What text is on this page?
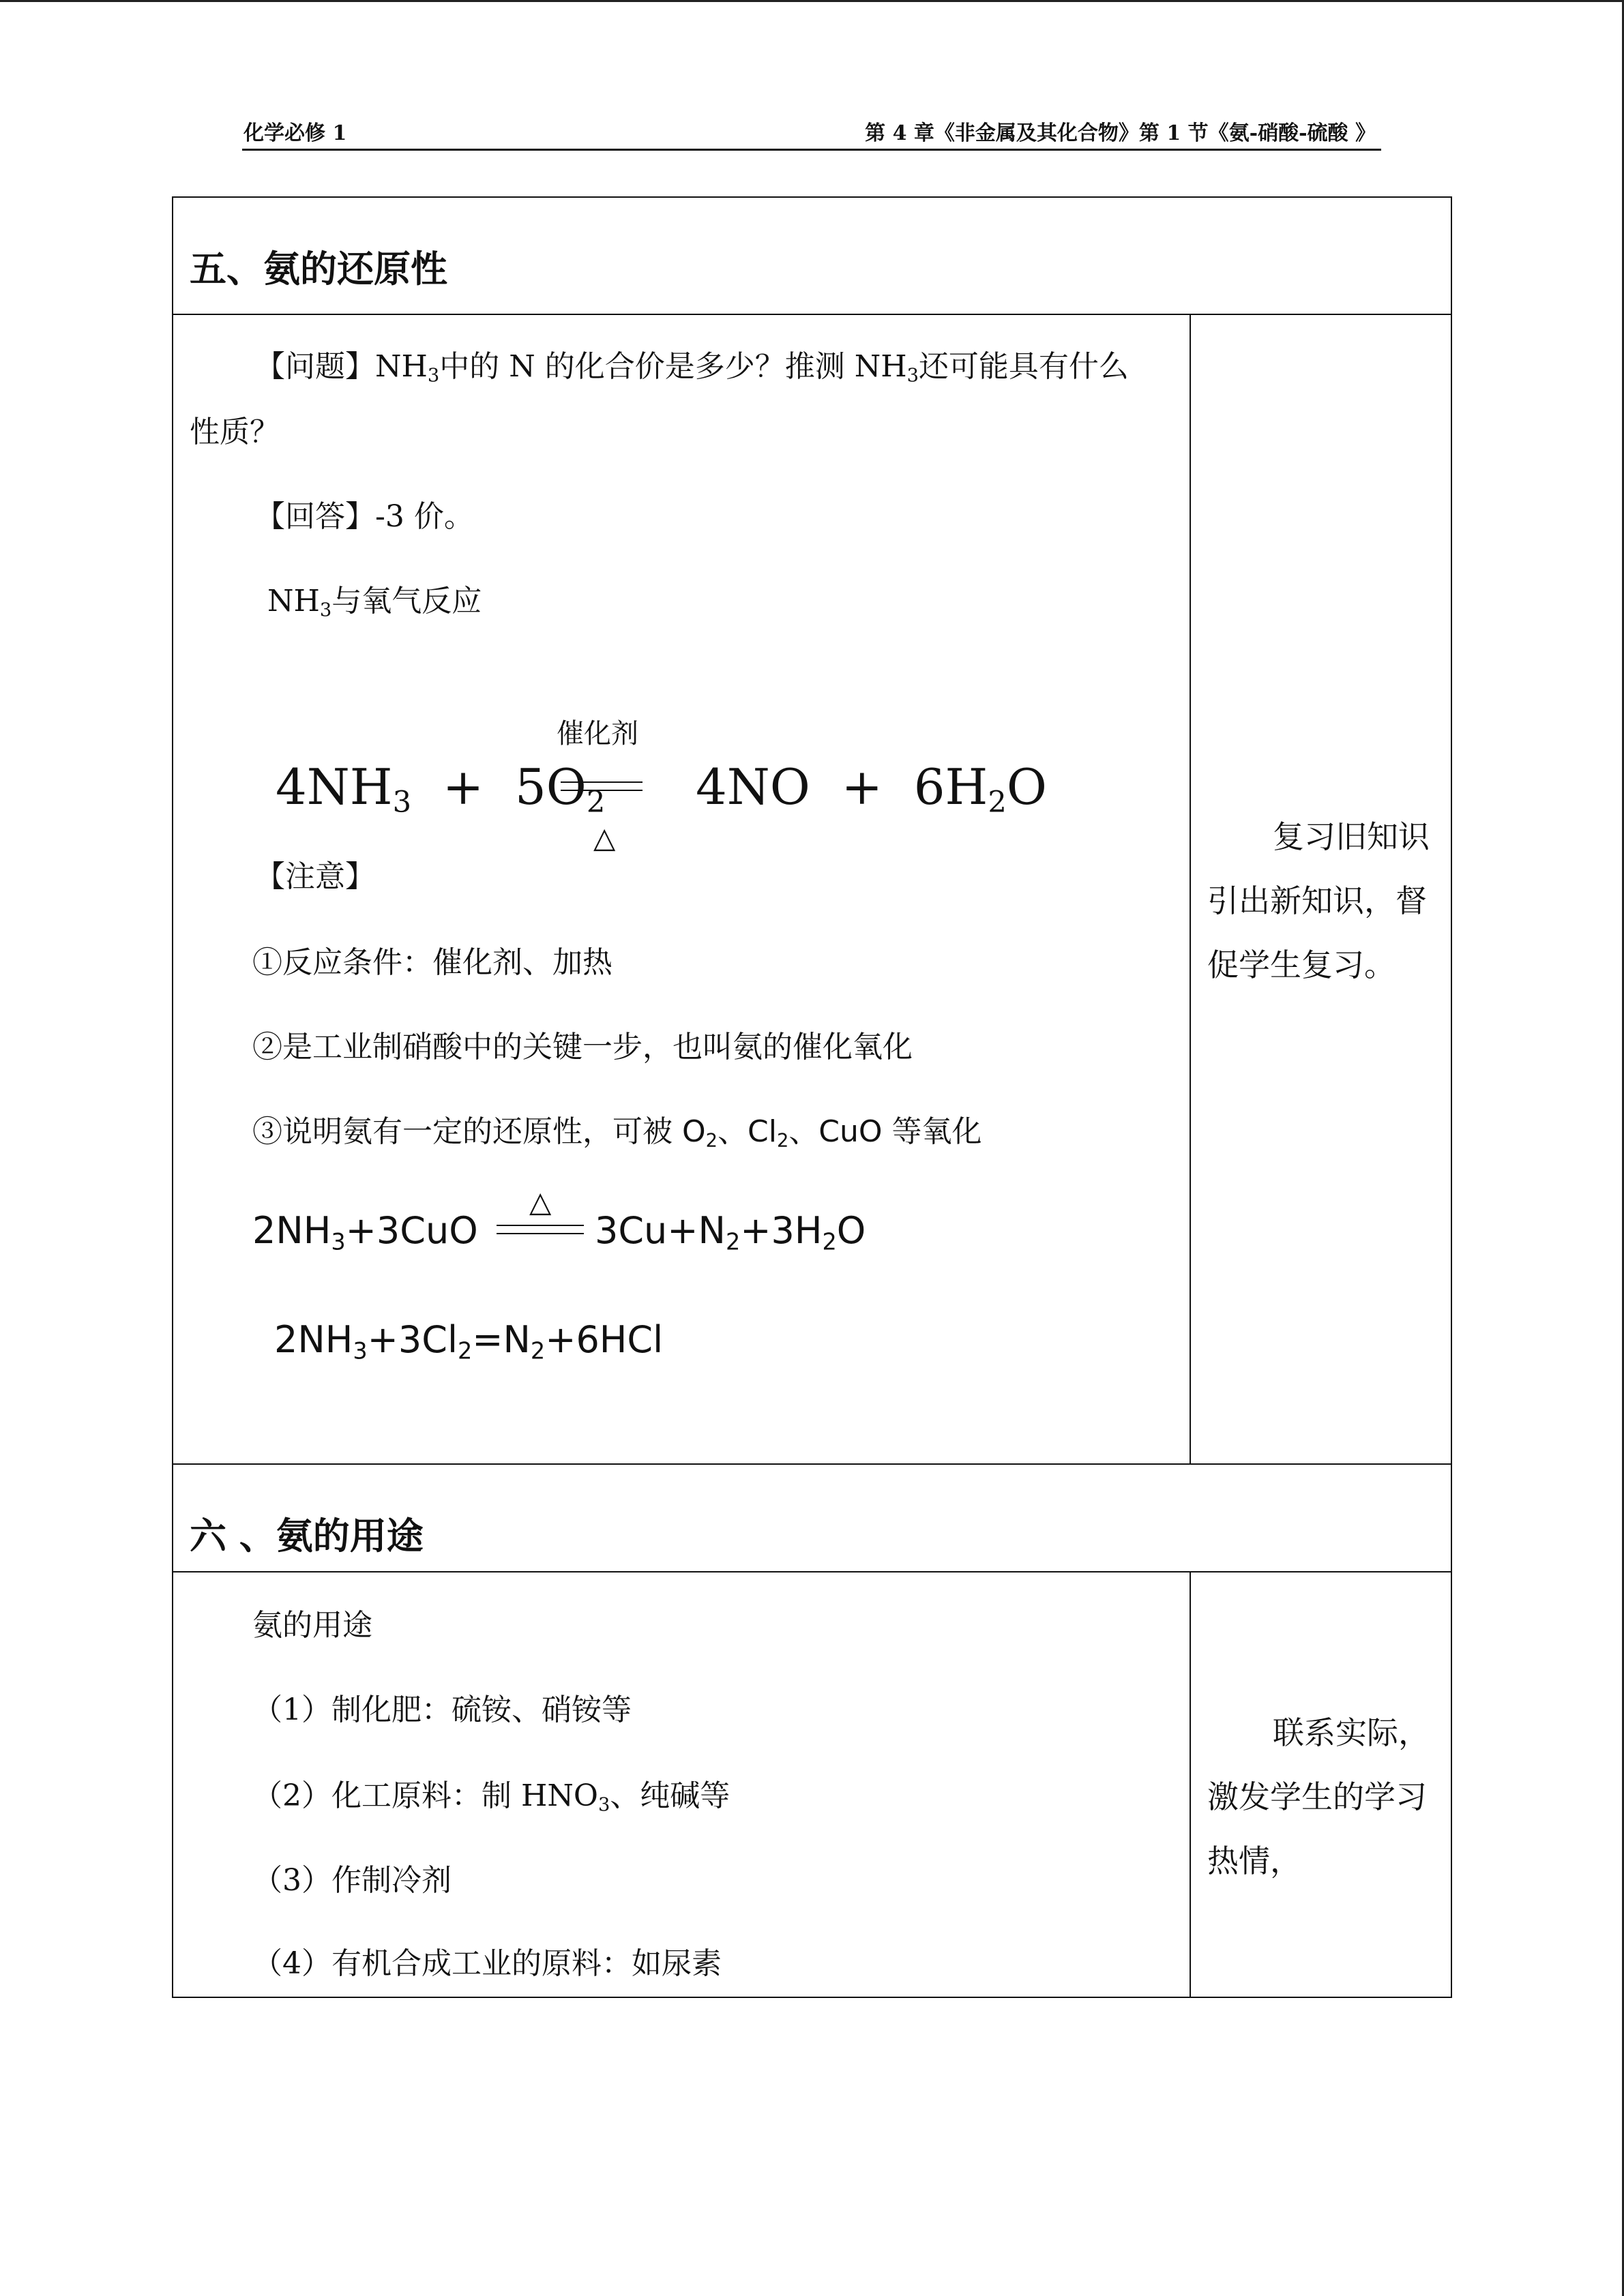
化学必修 1	第 4 章《非金属及其化合物》第 1 节《氨-硝酸-硫酸 》
五、氨的还原性
【问题】$NH_3$中的 N 的化合价是多少？推测 $NH_3$还可能具有什么
性质？
【回答】-3 价。
$NH_3$与氧气反应
催化剂
$4NH_3 + 5O_2$
△
$4NO + 6H_2O$
【注意】
①反应条件：催化剂、加热
②是工业制硝酸中的关键一步，也叫氨的催化氧化
③说明氨有一定的还原性，可被 $O_2$、$Cl_2$、CuO 等氧化
△
$2NH_3+3CuO$	$3Cu+N_2+3H_2O$
$2NH_3+3Cl_2=N_2+6HCl$
复习旧知识引出新知识，督促学生复习。
六 、氨的用途
氨的用途
（1）制化肥：硫铵、硝铵等
（2）化工原料：制 $HNO_3$、纯碱等
（3）作制冷剂
（4）有机合成工业的原料：如尿素
联系实际，激发学生的学习热情，
